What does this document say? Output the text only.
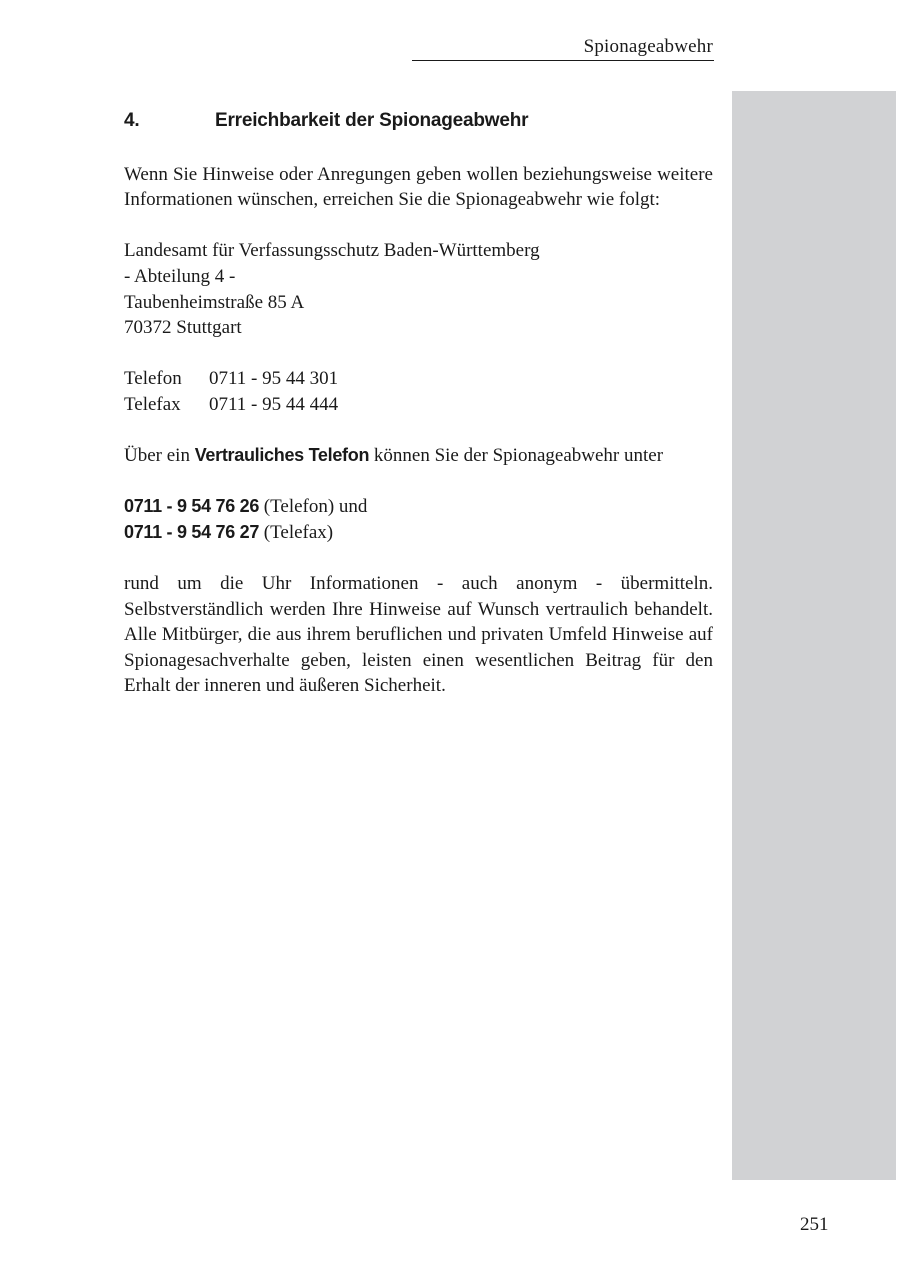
Spionageabwehr
4.	Erreichbarkeit der Spionageabwehr

Wenn Sie Hinweise oder Anregungen geben wollen beziehungsweise weitere Informationen wünschen, erreichen Sie die Spionageabwehr wie folgt:

Landesamt für Verfassungsschutz Baden-Württemberg
- Abteilung 4 -
Taubenheimstraße 85 A
70372 Stuttgart

Telefon	0711 - 95 44 301
Telefax	0711 - 95 44 444

Über ein Vertrauliches Telefon können Sie der Spionageabwehr unter

0711 - 9 54 76 26 (Telefon) und
0711 - 9 54 76 27 (Telefax)

rund um die Uhr Informationen - auch anonym - übermitteln. Selbstverständlich werden Ihre Hinweise auf Wunsch vertraulich behandelt. Alle Mitbürger, die aus ihrem beruflichen und privaten Umfeld Hinweise auf Spionagesachverhalte geben, leisten einen wesentlichen Beitrag für den Erhalt der inneren und äußeren Sicherheit.

251
